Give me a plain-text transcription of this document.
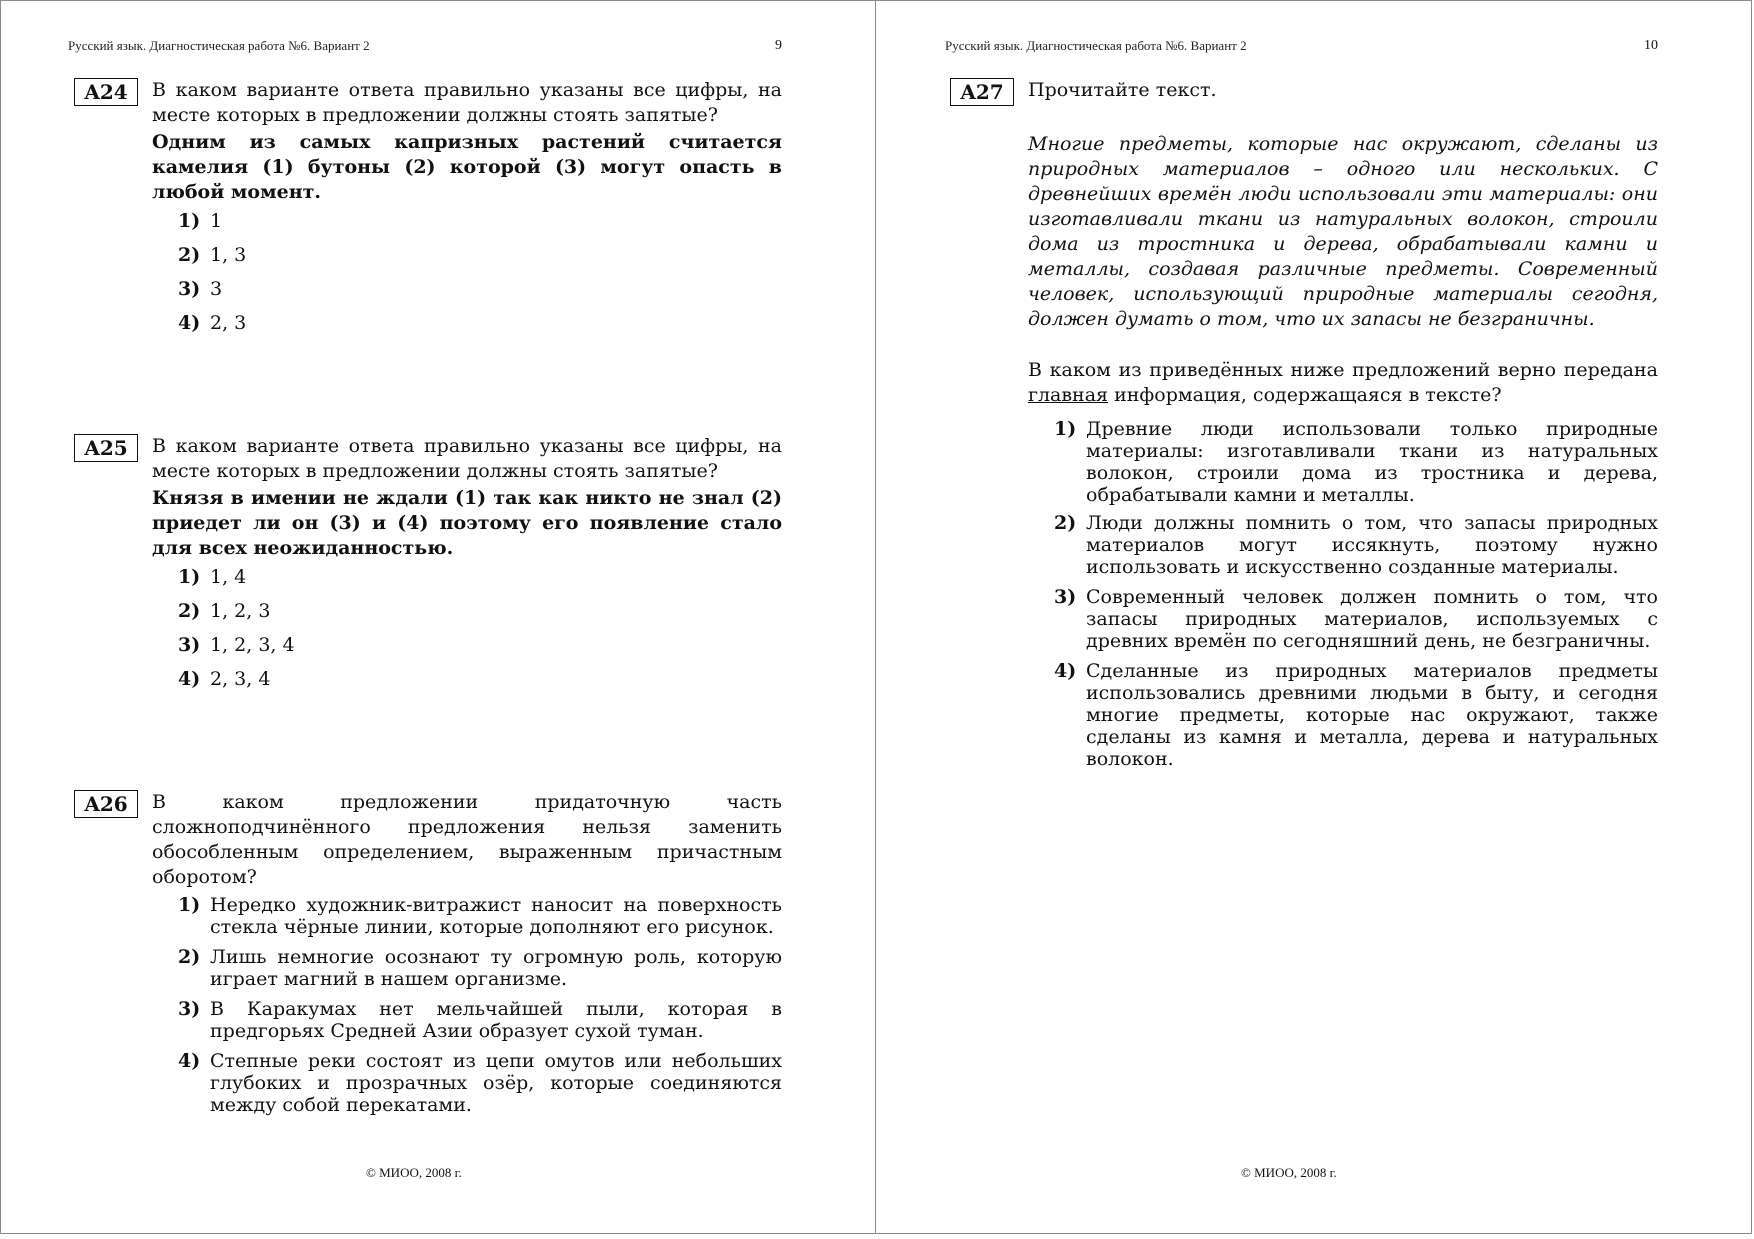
Русский язык. Диагностическая работа №6. Вариант 2	9
A24	В каком варианте ответа правильно указаны все цифры, на месте которых в предложении должны стоять запятые?
Одним из самых капризных растений считается камелия (1) бутоны (2) которой (3) могут опасть в любой момент.
1) 1
2) 1, 3
3) 3
4) 2, 3
A25	В каком варианте ответа правильно указаны все цифры, на месте которых в предложении должны стоять запятые?
Князя в имении не ждали (1) так как никто не знал (2) приедет ли он (3) и (4) поэтому его появление стало для всех неожиданностью.
1) 1, 4
2) 1, 2, 3
3) 1, 2, 3, 4
4) 2, 3, 4
A26	В каком предложении придаточную часть сложноподчинённого предложения нельзя заменить обособленным определением, выраженным причастным оборотом?
1) Нередко художник-витражист наносит на поверхность стекла чёрные линии, которые дополняют его рисунок.
2) Лишь немногие осознают ту огромную роль, которую играет магний в нашем организме.
3) В Каракумах нет мельчайшей пыли, которая в предгорьях Средней Азии образует сухой туман.
4) Степные реки состоят из цепи омутов или небольших глубоких и прозрачных озёр, которые соединяются между собой перекатами.
© МИОО, 2008 г.
Русский язык. Диагностическая работа №6. Вариант 2	10
A27	Прочитайте текст.
Многие предметы, которые нас окружают, сделаны из природных материалов – одного или нескольких. С древнейших времён люди использовали эти материалы: они изготавливали ткани из натуральных волокон, строили дома из тростника и дерева, обрабатывали камни и металлы, создавая различные предметы. Современный человек, использующий природные материалы сегодня, должен думать о том, что их запасы не безграничны.
В каком из приведённых ниже предложений верно передана главная информация, содержащаяся в тексте?
1) Древние люди использовали только природные материалы: изготавливали ткани из натуральных волокон, строили дома из тростника и дерева, обрабатывали камни и металлы.
2) Люди должны помнить о том, что запасы природных материалов могут иссякнуть, поэтому нужно использовать и искусственно созданные материалы.
3) Современный человек должен помнить о том, что запасы природных материалов, используемых с древних времён по сегодняшний день, не безграничны.
4) Сделанные из природных материалов предметы использовались древними людьми в быту, и сегодня многие предметы, которые нас окружают, также сделаны из камня и металла, дерева и натуральных волокон.
© МИОО, 2008 г.
